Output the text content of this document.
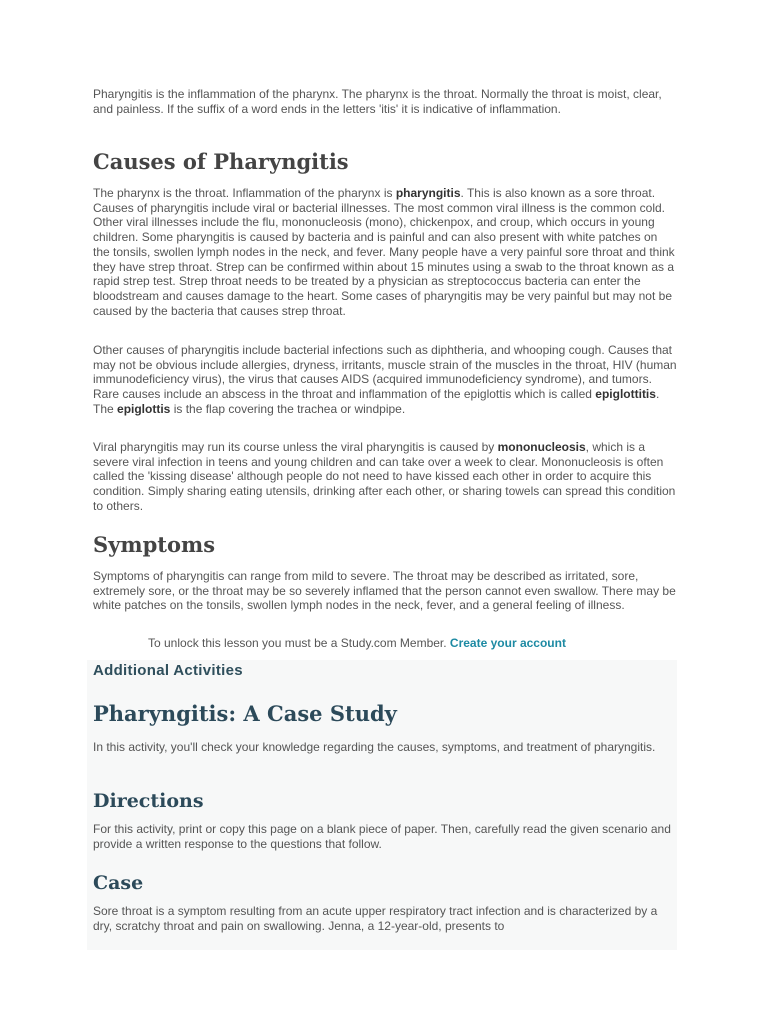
Pharyngitis is the inflammation of the pharynx. The pharynx is the throat. Normally the throat is moist, clear, and painless. If the suffix of a word ends in the letters 'itis' it is indicative of inflammation.

Causes of Pharyngitis

The pharynx is the throat. Inflammation of the pharynx is pharyngitis. This is also known as a sore throat. Causes of pharyngitis include viral or bacterial illnesses. The most common viral illness is the common cold. Other viral illnesses include the flu, mononucleosis (mono), chickenpox, and croup, which occurs in young children. Some pharyngitis is caused by bacteria and is painful and can also present with white patches on the tonsils, swollen lymph nodes in the neck, and fever. Many people have a very painful sore throat and think they have strep throat. Strep can be confirmed within about 15 minutes using a swab to the throat known as a rapid strep test. Strep throat needs to be treated by a physician as streptococcus bacteria can enter the bloodstream and causes damage to the heart. Some cases of pharyngitis may be very painful but may not be caused by the bacteria that causes strep throat.

Other causes of pharyngitis include bacterial infections such as diphtheria, and whooping cough. Causes that may not be obvious include allergies, dryness, irritants, muscle strain of the muscles in the throat, HIV (human immunodeficiency virus), the virus that causes AIDS (acquired immunodeficiency syndrome), and tumors. Rare causes include an abscess in the throat and inflammation of the epiglottis which is called epiglottitis. The epiglottis is the flap covering the trachea or windpipe.

Viral pharyngitis may run its course unless the viral pharyngitis is caused by mononucleosis, which is a severe viral infection in teens and young children and can take over a week to clear. Mononucleosis is often called the 'kissing disease' although people do not need to have kissed each other in order to acquire this condition. Simply sharing eating utensils, drinking after each other, or sharing towels can spread this condition to others.

Symptoms

Symptoms of pharyngitis can range from mild to severe. The throat may be described as irritated, sore, extremely sore, or the throat may be so severely inflamed that the person cannot even swallow. There may be white patches on the tonsils, swollen lymph nodes in the neck, fever, and a general feeling of illness.

To unlock this lesson you must be a Study.com Member. Create your account
Additional Activities
Pharyngitis: A Case Study

In this activity, you'll check your knowledge regarding the causes, symptoms, and treatment of pharyngitis.

Directions

For this activity, print or copy this page on a blank piece of paper. Then, carefully read the given scenario and provide a written response to the questions that follow.

Case

Sore throat is a symptom resulting from an acute upper respiratory tract infection and is characterized by a dry, scratchy throat and pain on swallowing. Jenna, a 12-year-old, presents to
